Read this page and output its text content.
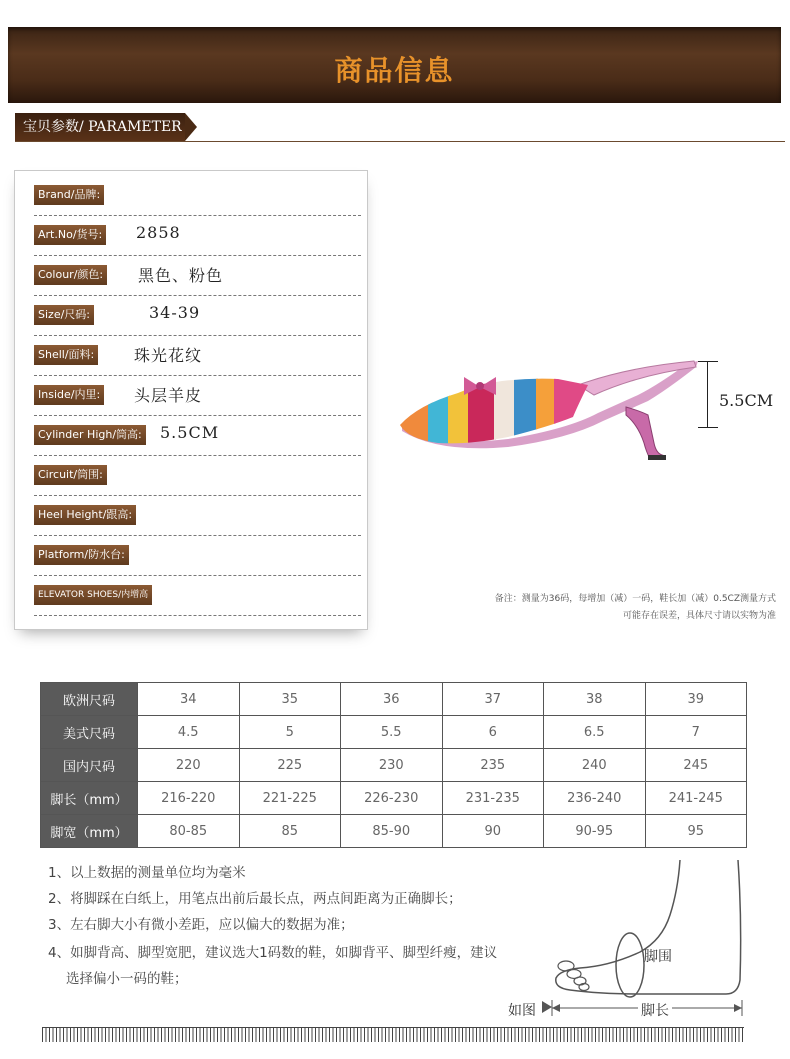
商品信息
宝贝参数/ PARAMETER
Brand/品牌:
Art.No/货号: 2858
Colour/颜色: 黑色、粉色
Size/尺码:	34-39
Shell/面料: 珠光花纹
Inside/内里: 头层羊皮
Cylinder High/筒高: 5.5CM
Circuit/筒围:
Heel Height/跟高:
Platform/防水台:
ELEVATOR SHOES/内增高
5.5CM
备注：测量为36码，每增加（减）一码，鞋长加（减）0.5CZ测量方式
可能存在误差，具体尺寸请以实物为准
欧洲尺码	34	35	36	37	38	39
美式尺码	4.5	5	5.5	6	6.5	7
国内尺码	220	225	230	235	240	245
脚长（mm）	216-220	221-225	226-230	231-235	236-240	241-245
脚宽（mm）	80-85	85	85-90	90	90-95	95
1、以上数据的测量单位均为毫米
2、将脚踩在白纸上，用笔点出前后最长点，两点间距离为正确脚长；
3、左右脚大小有微小差距，应以偏大的数据为准；
4、如脚背高、脚型宽肥，建议选大1码数的鞋，如脚背平、脚型纤瘦，建议
选择偏小一码的鞋；
脚围
脚长
如图
